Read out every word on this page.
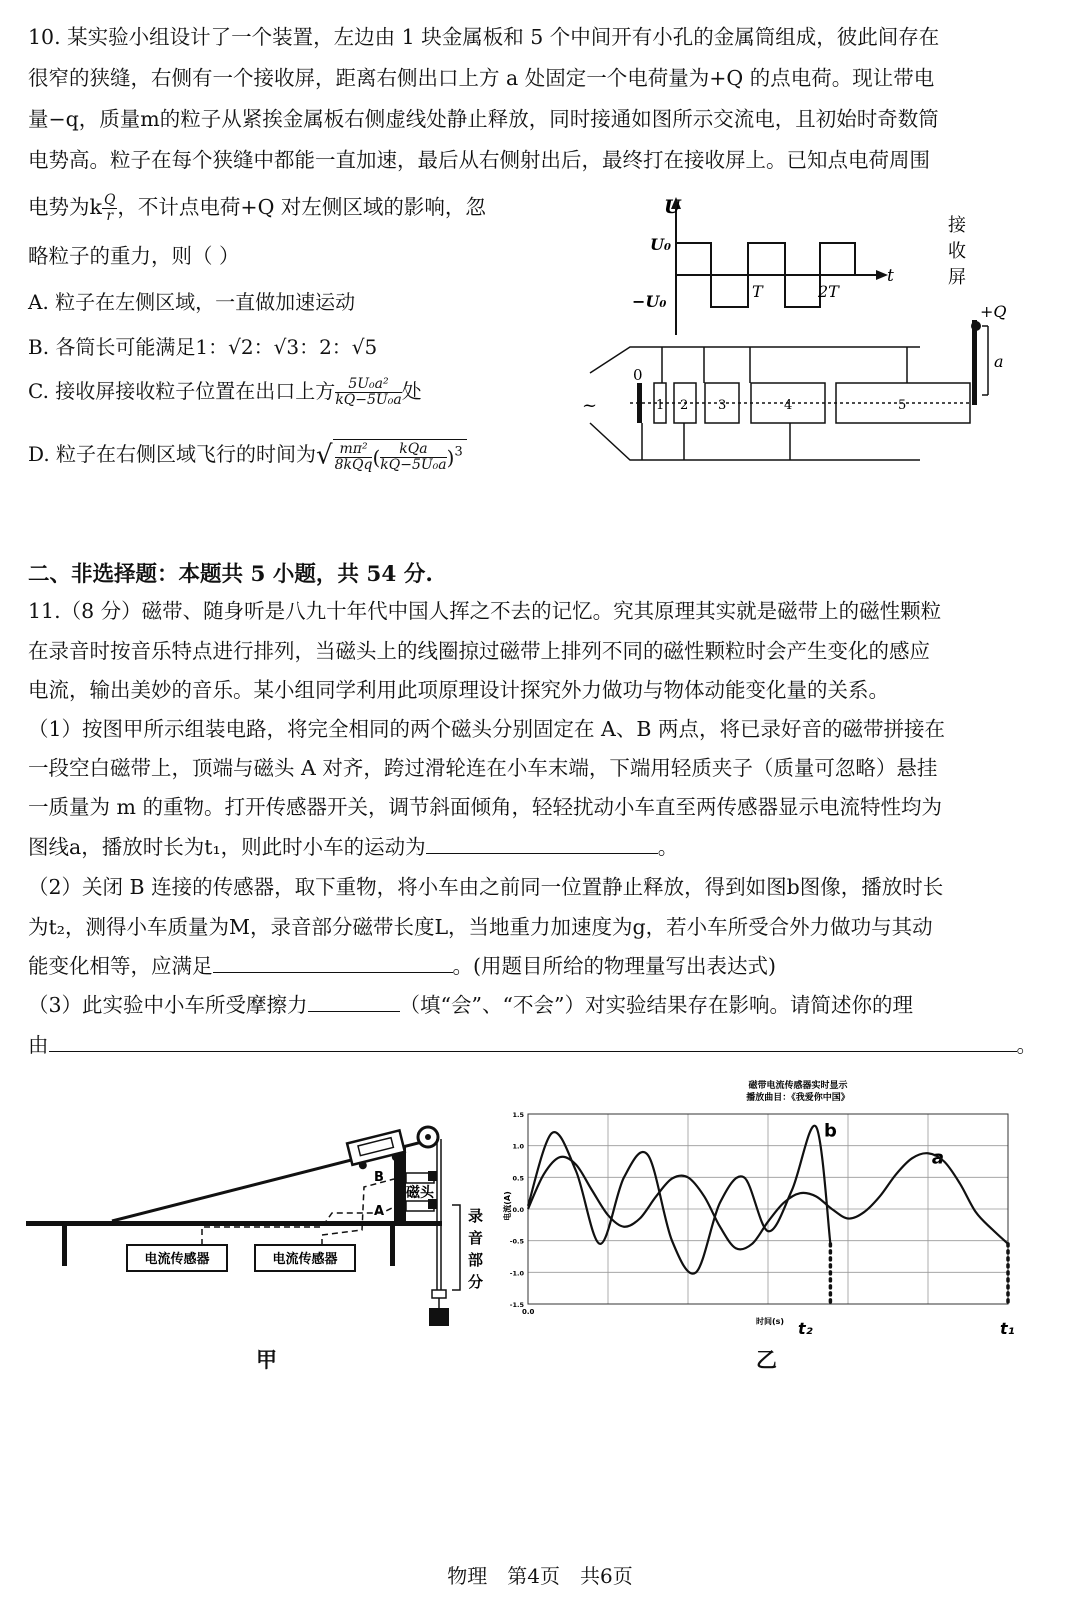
10. 某实验小组设计了一个装置，左边由 1 块金属板和 5 个中间开有小孔的金属筒组成，彼此间存在
很窄的狭缝，右侧有一个接收屏，距离右侧出口上方 a 处固定一个电荷量为+Q 的点电荷。现让带电
量−q，质量m的粒子从紧挨金属板右侧虚线处静止释放，同时接通如图所示交流电，且初始时奇数筒
电势高。粒子在每个狭缝中都能一直加速，最后从右侧射出后，最终打在接收屏上。已知点电荷周围
电势为k $\frac{Q}{r}$ ，不计点电荷+Q 对左侧区域的影响，忽
略粒子的重力，则（ ）
A. 粒子在左侧区域，一直做加速运动
B. 各筒长可能满足1：√2：√3：2：√5
C. 接收屏接收粒子位置在出口上方 $\frac{\text{5U₀a²}}{\text{kQ−5U₀a}}$ 处
D. 粒子在右侧区域飞行的时间为√ $\frac{\text{mπ²}}{\text{8kQq}}$ ( $\frac{\text{kQa}}{\text{kQ−5U₀a}} )^3$
U
U₀
−U₀
t
T	2T
接
收
屏
+Q
a
~
0
1 2 3	4	5
二、非选择题：本题共 5 小题，共 54 分.
11.（8 分）磁带、随身听是八九十年代中国人挥之不去的记忆。究其原理其实就是磁带上的磁性颗粒
在录音时按音乐特点进行排列，当磁头上的线圈掠过磁带上排列不同的磁性颗粒时会产生变化的感应
电流，输出美妙的音乐。某小组同学利用此项原理设计探究外力做功与物体动能变化量的关系。
（1）按图甲所示组装电路，将完全相同的两个磁头分别固定在 A、B 两点，将已录好音的磁带拼接在
一段空白磁带上，顶端与磁头 A 对齐，跨过滑轮连在小车末端，下端用轻质夹子（质量可忽略）悬挂
一质量为 m 的重物。打开传感器开关，调节斜面倾角，轻轻扰动小车直至两传感器显示电流特性均为
图线a，播放时长为t₁，则此时小车的运动为	。
（2）关闭 B 连接的传感器，取下重物，将小车由之前同一位置静止释放，得到如图b图像，播放时长
为t₂，测得小车质量为M，录音部分磁带长度L，当地重力加速度为g，若小车所受合外力做功与其动
能变化相等，应满足	。(用题目所给的物理量写出表达式)
（3）此实验中小车所受摩擦力	（填“会”、“不会”）对实验结果存在影响。请简述你的理
由	。
B
A
磁头
录
音
部
分
电流传感器	电流传感器
甲
-1.5
-1.0
-0.5
0.0
0.5
1.0
1.5
磁带电流传感器实时显示
播放曲目：《我爱你中国》
电流(A)
时间(s)
0.0
t₂	t₁
b
a
乙
物理　第4页　共6页
